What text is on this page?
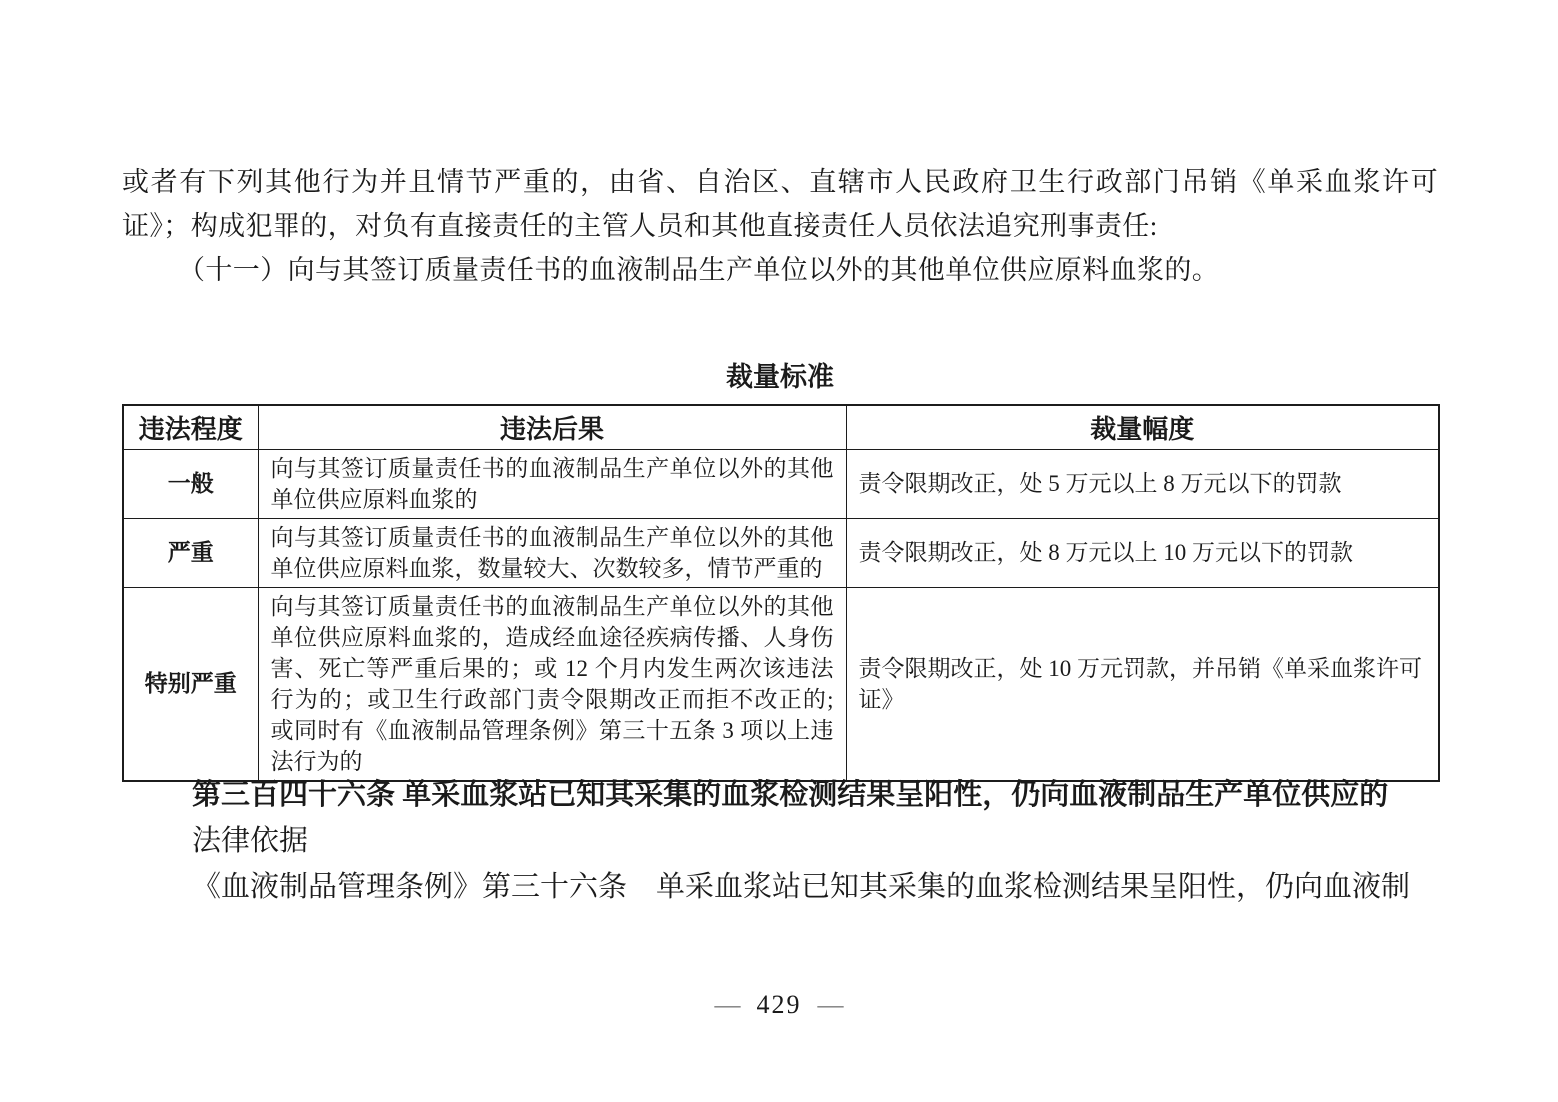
或者有下列其他行为并且情节严重的，由省、自治区、直辖市人民政府卫生行政部门吊销《单采血浆许可证》；构成犯罪的，对负有直接责任的主管人员和其他直接责任人员依法追究刑事责任:

（十一）向与其签订质量责任书的血液制品生产单位以外的其他单位供应原料血浆的。

裁量标准
违法程度	违法后果	裁量幅度
一般	向与其签订质量责任书的血液制品生产单位以外的其他单位供应原料血浆的	责令限期改正，处 5 万元以上 8 万元以下的罚款
严重	向与其签订质量责任书的血液制品生产单位以外的其他单位供应原料血浆，数量较大、次数较多，情节严重的	责令限期改正，处 8 万元以上 10 万元以下的罚款
特别严重	向与其签订质量责任书的血液制品生产单位以外的其他单位供应原料血浆的，造成经血途径疾病传播、人身伤害、死亡等严重后果的；或 12 个月内发生两次该违法行为的；或卫生行政部门责令限期改正而拒不改正的; 或同时有《血液制品管理条例》第三十五条 3 项以上违法行为的	责令限期改正，处 10 万元罚款，并吊销《单采血浆许可证》

第三百四十六条 单采血浆站已知其采集的血浆检测结果呈阳性，仍向血液制品生产单位供应的

法律依据

《血液制品管理条例》第三十六条　单采血浆站已知其采集的血浆检测结果呈阳性，仍向血液制

— 429 —
